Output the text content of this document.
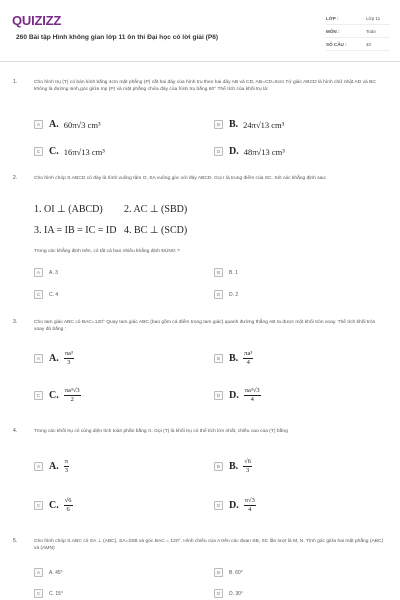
QUIZIZZ
260 Bài tập Hình không gian lớp 11 ôn thi Đại học có lời giải (P6)
LỚP :	Lớp 11
MÔN :	Toán
SỐ CÂU :	40
1.	Cho hình trụ (T) có bán kính bằng 4cm mặt phẳng (P) cắt hai đáy của hình trụ theo hai dây AB và CD, AB=CD=5cm Tứ giác ABCD là hình chữ nhật AD và BC không là đường sinh,góc giữa mp (P) và mặt phẳng chứa đáy của hình trụ bằng 60° Thể tích của khối trụ là:
A A. 60π√3 cm³	B B. 24π√13 cm³
C C. 16π√13 cm³	D D. 48π√13 cm³
2.	Cho hình chóp S.ABCD có đáy là hình vuông tâm O, SA vuông góc với đáy ABCD. Gọi I là trung điểm của SC. Xét các khẳng định sau:
1. OI ⊥ (ABCD) 2. AC ⊥ (SBD)
3. IA = IB = IC = ID 4. BC ⊥ (SCD)
Trong các khẳng định trên, có tất cả bao nhiêu khẳng định ĐÚNG ?
A	A. 3	B	B. 1
C	C. 4	D	D. 2
3.	Cho tam giác ABC có BAC=120° Quay tam giác ABC (bao gồm cả điểm trong tam giác) quanh đường thẳng AB ta được một khối tròn xoay. Thể tích khối tròn xoay đó bằng :
A A. $\frac{\text{πa³}}{3}$	B B. $\frac{\text{πa³}}{4}$
C C. $\frac{\text{πa³√3}}{2}$	D D. $\frac{\text{πa³√3}}{4}$
4.	Trong các khối trụ có cùng diện tích toàn phần bằng π. Gọi (T) là khối trụ có thể tích lớn nhất, chiều cao của (T) bằng
A A. $\frac{\pi}{3}$	B B. $\frac{√6}{3}$
C C. $\frac{√6}{6}$	D D. $\frac{\pi√3}{4}$
5.	Cho hình chóp S.ABC có SA ⊥ (ABC), SA=2SB và góc BAC = 120°. Hình chiếu của A trên các đoạn SB, SC lần lượt là M, N. Tính góc giữa hai mặt phẳng (ABC) và (AMN)
A	A. 45°	B	B. 60°
C	C. 15°	D	D. 30°
